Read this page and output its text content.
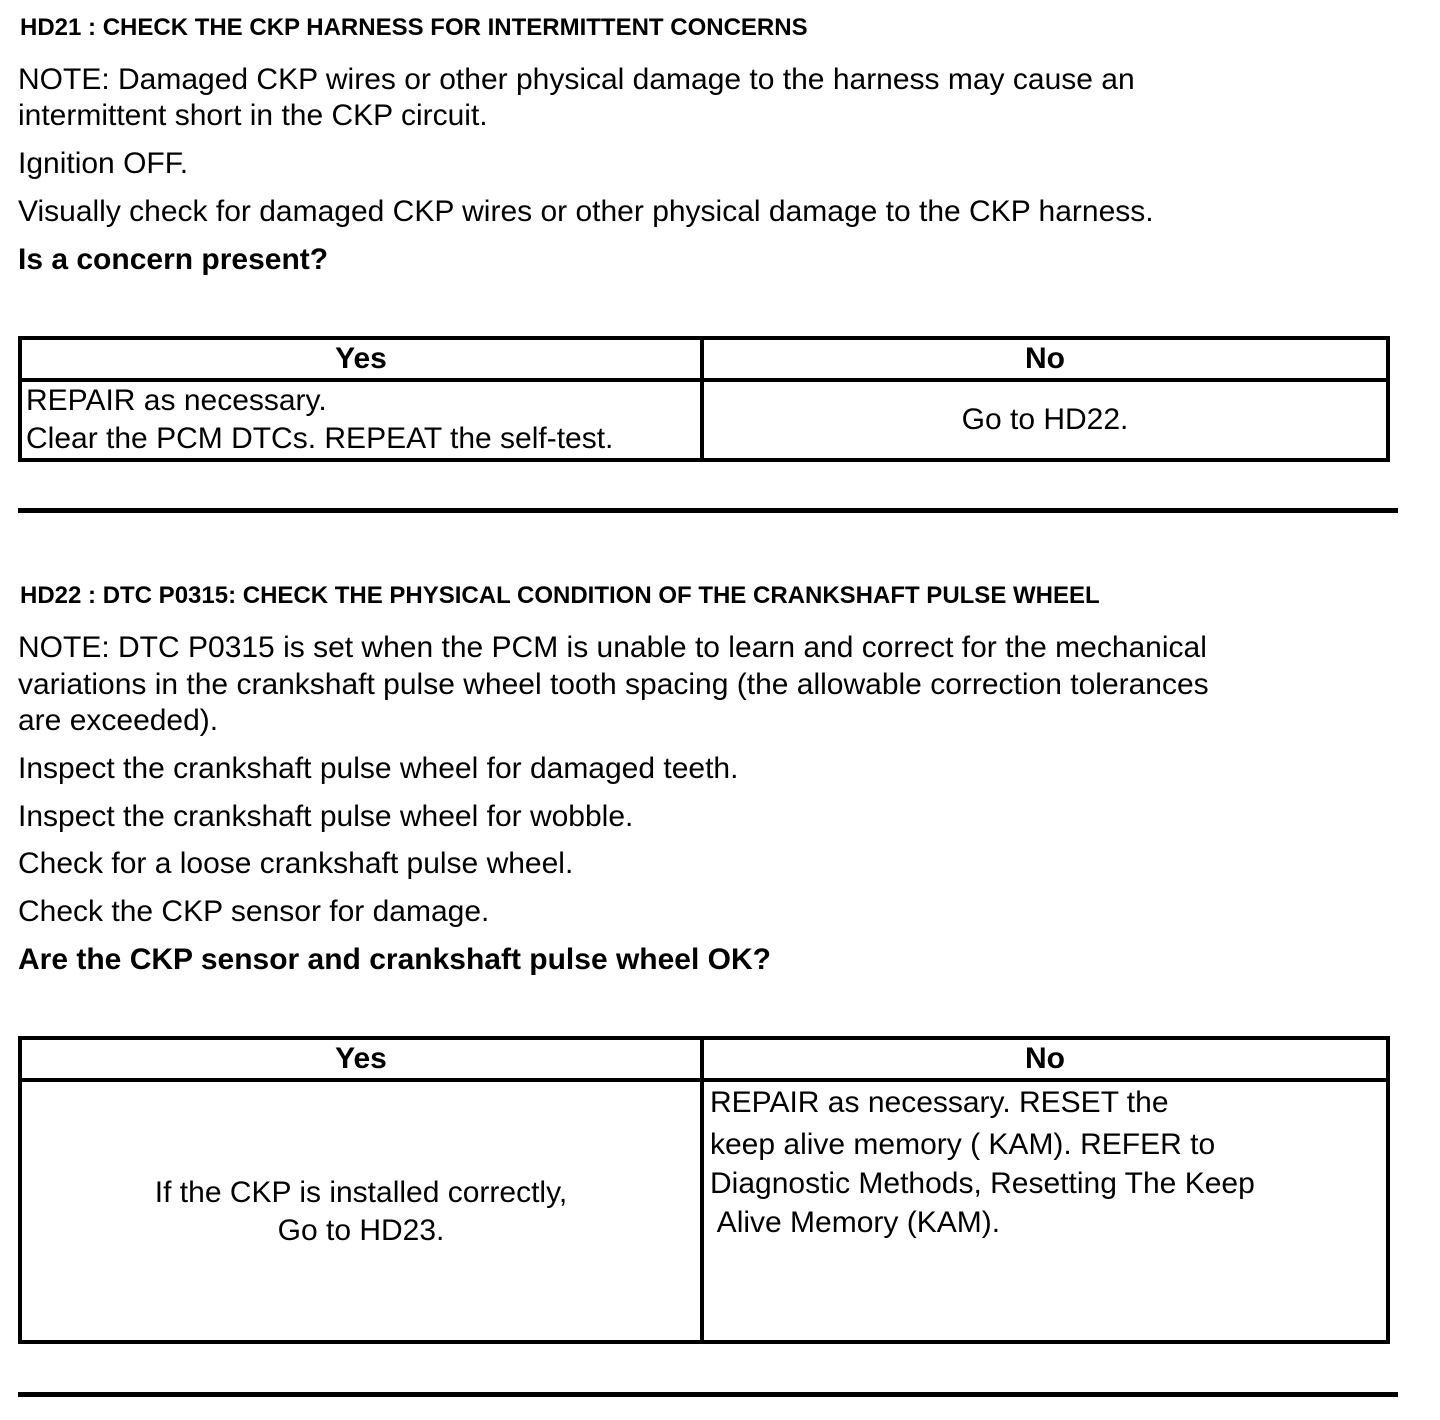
HD21 : CHECK THE CKP HARNESS FOR INTERMITTENT CONCERNS
NOTE: Damaged CKP wires or other physical damage to the harness may cause an
intermittent short in the CKP circuit.
Ignition OFF.
Visually check for damaged CKP wires or other physical damage to the CKP harness.
Is a concern present?
Yes	No

REPAIR as necessary.
Clear the PCM DTCs. REPEAT the self-test.	Go to HD22.
HD22 : DTC P0315: CHECK THE PHYSICAL CONDITION OF THE CRANKSHAFT PULSE WHEEL
NOTE: DTC P0315 is set when the PCM is unable to learn and correct for the mechanical
variations in the crankshaft pulse wheel tooth spacing (the allowable correction tolerances
are exceeded).
Inspect the crankshaft pulse wheel for damaged teeth.
Inspect the crankshaft pulse wheel for wobble.
Check for a loose crankshaft pulse wheel.
Check the CKP sensor for damage.
Are the CKP sensor and crankshaft pulse wheel OK?
Yes	No

If the CKP is installed correctly,
Go to HD23.	REPAIR as necessary. RESET the
keep alive memory ( KAM). REFER to
Diagnostic Methods, Resetting The Keep
Alive Memory (KAM).
